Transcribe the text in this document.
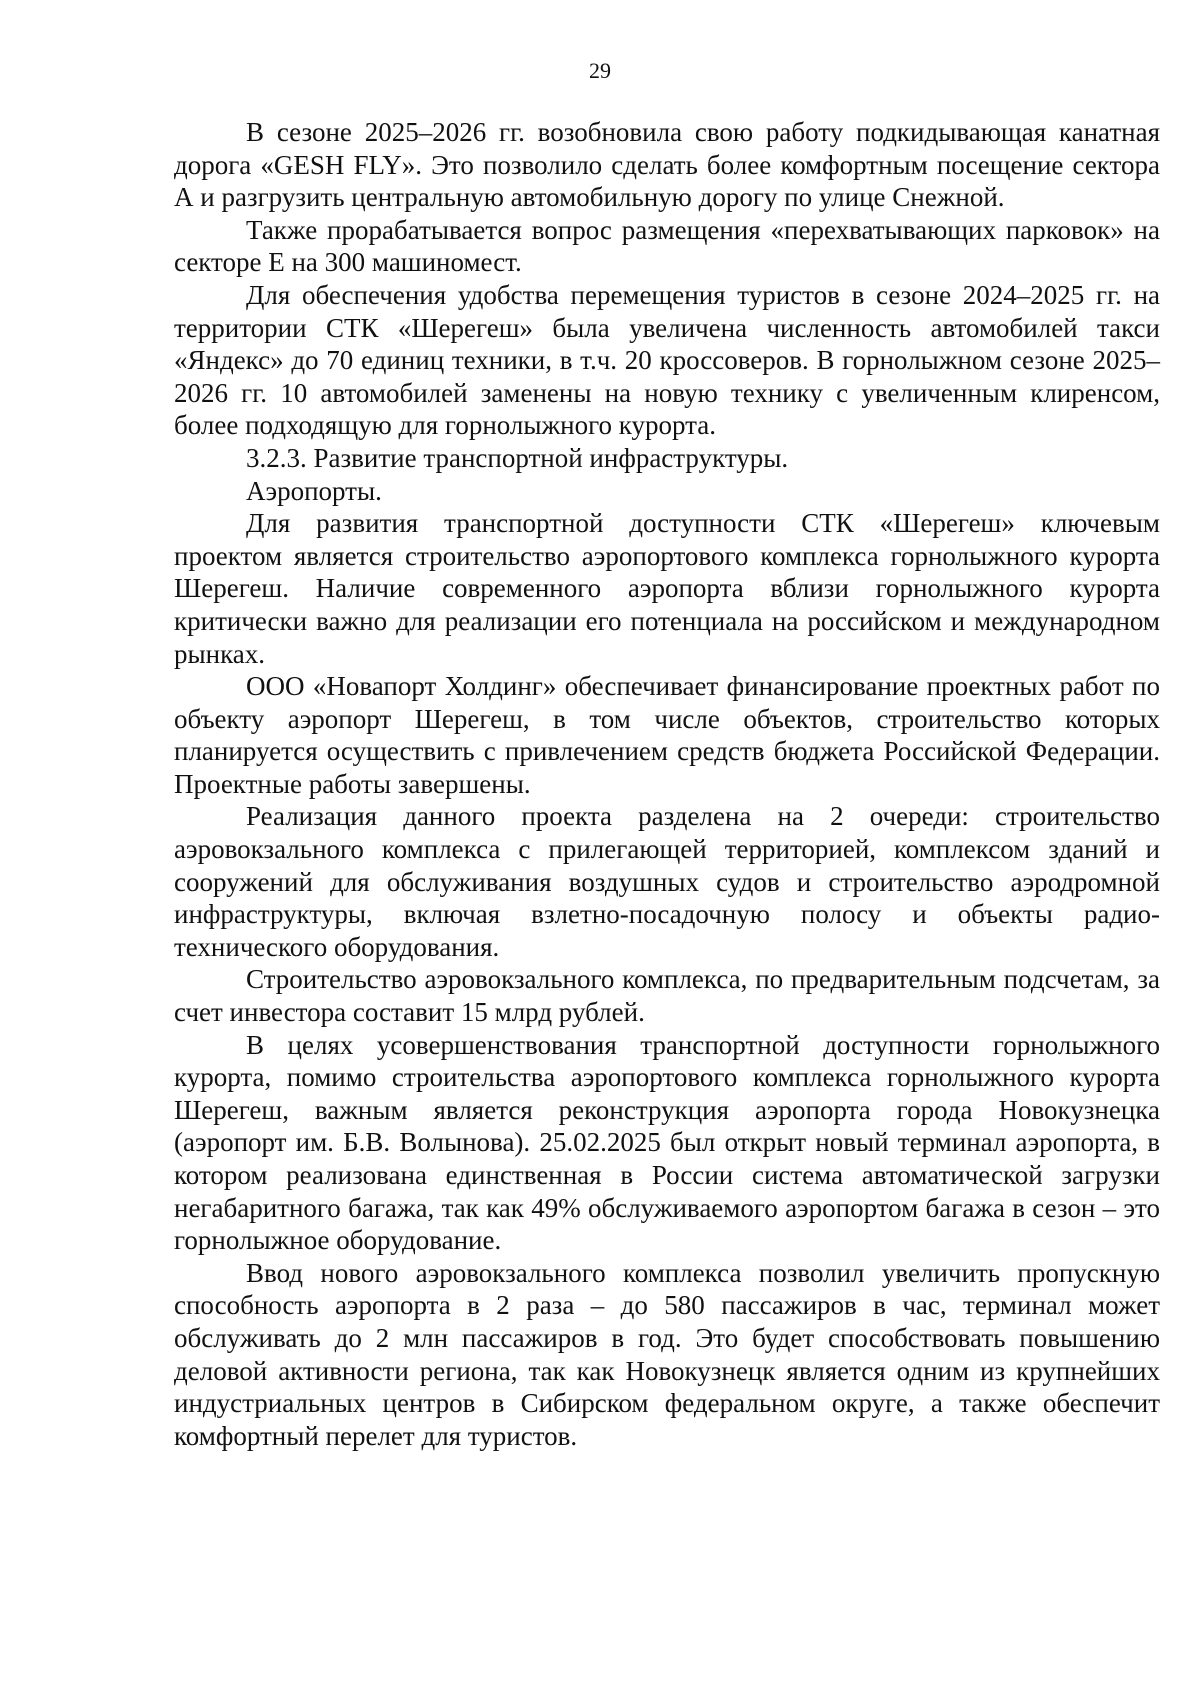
29

В сезоне 2025–2026 гг. возобновила свою работу подкидывающая канатная дорога «GESH FLY». Это позволило сделать более комфортным посещение сектора А и разгрузить центральную автомобильную дорогу по улице Снежной.

Также прорабатывается вопрос размещения «перехватывающих парковок» на секторе Е на 300 машиномест.

Для обеспечения удобства перемещения туристов в сезоне 2024–2025 гг. на территории СТК «Шерегеш» была увеличена численность автомобилей такси «Яндекс» до 70 единиц техники, в т.ч. 20 кроссоверов. В горнолыжном сезоне 2025–2026 гг. 10 автомобилей заменены на новую технику с увеличенным клиренсом, более подходящую для горнолыжного курорта.

3.2.3. Развитие транспортной инфраструктуры.

Аэропорты.

Для развития транспортной доступности СТК «Шерегеш» ключевым проектом является строительство аэропортового комплекса горнолыжного курорта Шерегеш. Наличие современного аэропорта вблизи горнолыжного курорта критически важно для реализации его потенциала на российском и международном рынках.

ООО «Новапорт Холдинг» обеспечивает финансирование проектных работ по объекту аэропорт Шерегеш, в том числе объектов, строительство которых планируется осуществить с привлечением средств бюджета Российской Федерации. Проектные работы завершены.

Реализация данного проекта разделена на 2 очереди: строительство аэровокзального комплекса с прилегающей территорией, комплексом зданий и сооружений для обслуживания воздушных судов и строительство аэродромной инфраструктуры, включая взлетно-посадочную полосу и объекты радио-технического оборудования.

Строительство аэровокзального комплекса, по предварительным подсчетам, за счет инвестора составит 15 млрд рублей.

В целях усовершенствования транспортной доступности горнолыжного курорта, помимо строительства аэропортового комплекса горнолыжного курорта Шерегеш, важным является реконструкция аэропорта города Новокузнецка (аэропорт им. Б.В. Волынова). 25.02.2025 был открыт новый терминал аэропорта, в котором реализована единственная в России система автоматической загрузки негабаритного багажа, так как 49% обслуживаемого аэропортом багажа в сезон – это горнолыжное оборудование.

Ввод нового аэровокзального комплекса позволил увеличить пропускную способность аэропорта в 2 раза – до 580 пассажиров в час, терминал может обслуживать до 2 млн пассажиров в год. Это будет способствовать повышению деловой активности региона, так как Новокузнецк является одним из крупнейших индустриальных центров в Сибирском федеральном округе, а также обеспечит комфортный перелет для туристов.
